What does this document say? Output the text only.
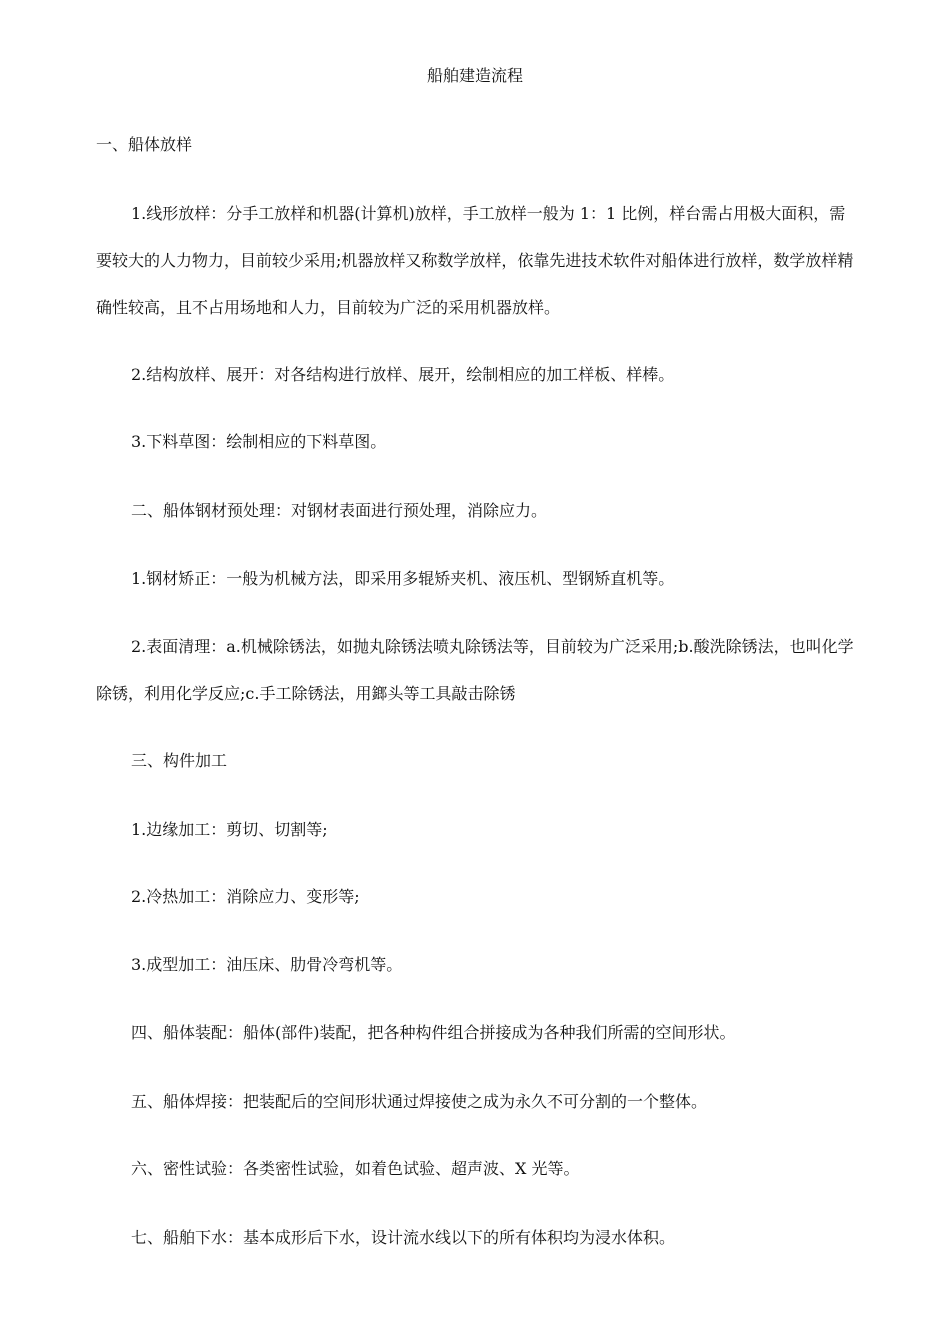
船舶建造流程

一、船体放样

1.线形放样：分手工放样和机器(计算机)放样，手工放样一般为 1：1 比例，样台需占用极大面积，需要较大的人力物力，目前较少采用;机器放样又称数学放样，依靠先进技术软件对船体进行放样，数学放样精确性较高，且不占用场地和人力，目前较为广泛的采用机器放样。

2.结构放样、展开：对各结构进行放样、展开，绘制相应的加工样板、样棒。

3.下料草图：绘制相应的下料草图。

二、船体钢材预处理：对钢材表面进行预处理，消除应力。

1.钢材矫正：一般为机械方法，即采用多辊矫夹机、液压机、型钢矫直机等。

2.表面清理：a.机械除锈法，如抛丸除锈法喷丸除锈法等，目前较为广泛采用;b.酸洗除锈法，也叫化学除锈，利用化学反应;c.手工除锈法，用鎯头等工具敲击除锈

三、构件加工

1.边缘加工：剪切、切割等;

2.冷热加工：消除应力、变形等;

3.成型加工：油压床、肋骨冷弯机等。

四、船体装配：船体(部件)装配，把各种构件组合拼接成为各种我们所需的空间形状。

五、船体焊接：把装配后的空间形状通过焊接使之成为永久不可分割的一个整体。

六、密性试验：各类密性试验，如着色试验、超声波、X 光等。

七、船舶下水：基本成形后下水，设计流水线以下的所有体积均为浸水体积。
